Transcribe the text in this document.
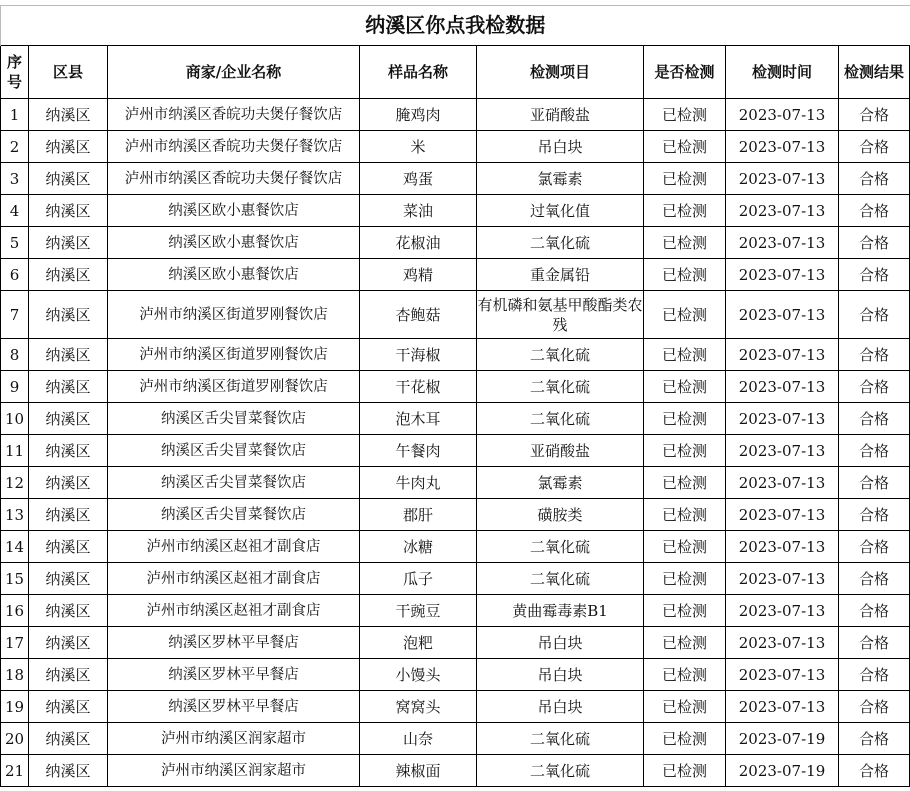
纳溪区你点我检数据							
序号	区县	商家/企业名称	样品名称	检测项目	是否检测	检测时间	检测结果
1	纳溪区	泸州市纳溪区香皖功夫煲仔餐饮店	腌鸡肉	亚硝酸盐	已检测	2023-07-13	合格
2	纳溪区	泸州市纳溪区香皖功夫煲仔餐饮店	米	吊白块	已检测	2023-07-13	合格
3	纳溪区	泸州市纳溪区香皖功夫煲仔餐饮店	鸡蛋	氯霉素	已检测	2023-07-13	合格
4	纳溪区	纳溪区欧小惠餐饮店	菜油	过氧化值	已检测	2023-07-13	合格
5	纳溪区	纳溪区欧小惠餐饮店	花椒油	二氧化硫	已检测	2023-07-13	合格
6	纳溪区	纳溪区欧小惠餐饮店	鸡精	重金属铅	已检测	2023-07-13	合格
7	纳溪区	泸州市纳溪区街道罗刚餐饮店	杏鲍菇	有机磷和氨基甲酸酯类农残	已检测	2023-07-13	合格
8	纳溪区	泸州市纳溪区街道罗刚餐饮店	干海椒	二氧化硫	已检测	2023-07-13	合格
9	纳溪区	泸州市纳溪区街道罗刚餐饮店	干花椒	二氧化硫	已检测	2023-07-13	合格
10	纳溪区	纳溪区舌尖冒菜餐饮店	泡木耳	二氧化硫	已检测	2023-07-13	合格
11	纳溪区	纳溪区舌尖冒菜餐饮店	午餐肉	亚硝酸盐	已检测	2023-07-13	合格
12	纳溪区	纳溪区舌尖冒菜餐饮店	牛肉丸	氯霉素	已检测	2023-07-13	合格
13	纳溪区	纳溪区舌尖冒菜餐饮店	郡肝	磺胺类	已检测	2023-07-13	合格
14	纳溪区	泸州市纳溪区赵祖才副食店	冰糖	二氧化硫	已检测	2023-07-13	合格
15	纳溪区	泸州市纳溪区赵祖才副食店	瓜子	二氧化硫	已检测	2023-07-13	合格
16	纳溪区	泸州市纳溪区赵祖才副食店	干豌豆	黄曲霉毒素B1	已检测	2023-07-13	合格
17	纳溪区	纳溪区罗林平早餐店	泡粑	吊白块	已检测	2023-07-13	合格
18	纳溪区	纳溪区罗林平早餐店	小馒头	吊白块	已检测	2023-07-13	合格
19	纳溪区	纳溪区罗林平早餐店	窝窝头	吊白块	已检测	2023-07-13	合格
20	纳溪区	泸州市纳溪区润家超市	山奈	二氧化硫	已检测	2023-07-19	合格
21	纳溪区	泸州市纳溪区润家超市	辣椒面	二氧化硫	已检测	2023-07-19	合格
